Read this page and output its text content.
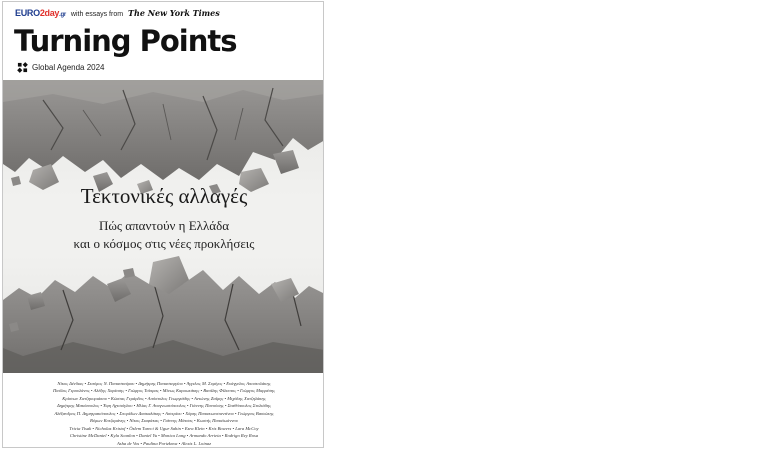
EURO2day.gr with essays from The New York Times
Turning Points
Global Agenda 2024
Τεκτονικές αλλαγές
Πώς απαντούν η Ελλάδα
και ο κόσμος στις νέες προκλήσεις
Νίκος Δένδιας • Σταύρος Ν. Παπασταύρου • Δημήτρης Παπαστεργίου • Άγγελος Μ. Συρίγος • Ευάγγελος Αποστολάκης
Παύλος Γερουλάνος • Αλέξης Χαρίτσης • Γιώργος Τσίπρας • Μίνως Καρυωτάκης • Βασίλης Φίλιππος • Γιώργος Μαρρέσης
Κρίστων Χατζηκυριάκου • Κώστας Γεράρδος • Απόστολος Γεωργιάδης • Αντώνης Ζαΐρης • Μιχάλης Χατζηλάκης
Δημήτρης Μακόπουλος • Έφη Αχτσιόγλου • Ηλίας Γ. Αναγνωστόπουλος • Γιάννης Πανούσης • Σταθόπουλος Στυλιάδης
Αλέξανδρος Π. Δημητρακόπουλος • Σπυρίδων Δασκαλάκης • Αστερίου • Χάρης Παπακωνσταντίνου • Γεώργιος Βασιώτης
Βύρων Κοτζαμάνης • Νίκος Σιαφάκας • Γιάννης Μάτσας • Κωστής Παπαϊωάννου
Tricia Tisak • Nicholas Kristof • Özlem Tureci & Ugur Sahin • Ezra Klein • Kris Bowers • Lara McCoy
Christine McDaniel • Kyla Scanlon • Daniel Yu • Monica Long • Armando Arrieta • Rodrigo Rey Rosa
Asha de Vos • Paulina Porizkova • Alexis L. Loinaz
